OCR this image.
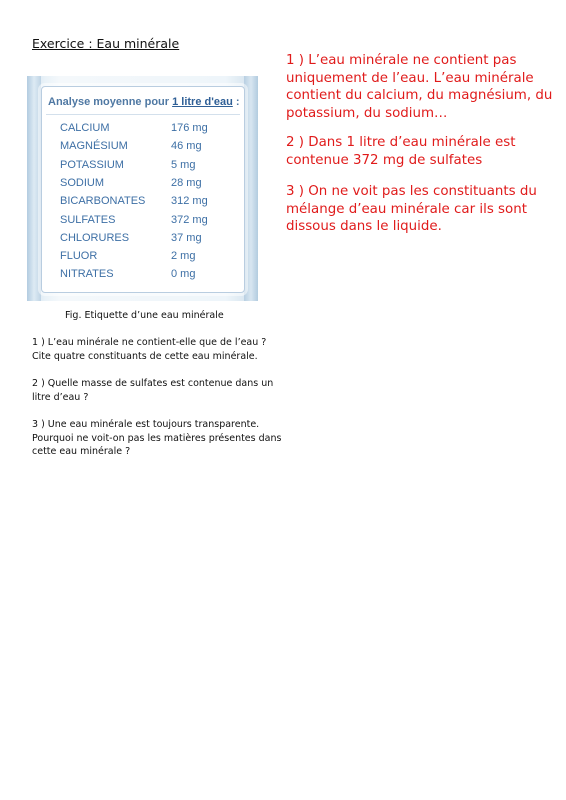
Exercice : Eau minérale
Analyse moyenne pour 1 litre d'eau :
CALCIUM	176 mg
MAGNÉSIUM	46 mg
POTASSIUM	5 mg
SODIUM	28 mg
BICARBONATES 312 mg
SULFATES	372 mg
CHLORURES	37 mg
FLUOR	2 mg
NITRATES	0 mg
Fig. Etiquette d’une eau minérale
1 ) L’eau minérale ne contient-elle que de l’eau ? Cite quatre constituants de cette eau minérale.
2 ) Quelle masse de sulfates est contenue dans un litre d’eau ?
3 ) Une eau minérale est toujours transparente. Pourquoi ne voit-on pas les matières présentes dans cette eau minérale ?
1 ) L’eau minérale ne contient pas uniquement de l’eau. L’eau minérale contient du calcium, du magnésium, du potassium, du sodium…
2 ) Dans 1 litre d’eau minérale est contenue 372 mg de sulfates
3 ) On ne voit pas les constituants du mélange d’eau minérale car ils sont dissous dans le liquide.
